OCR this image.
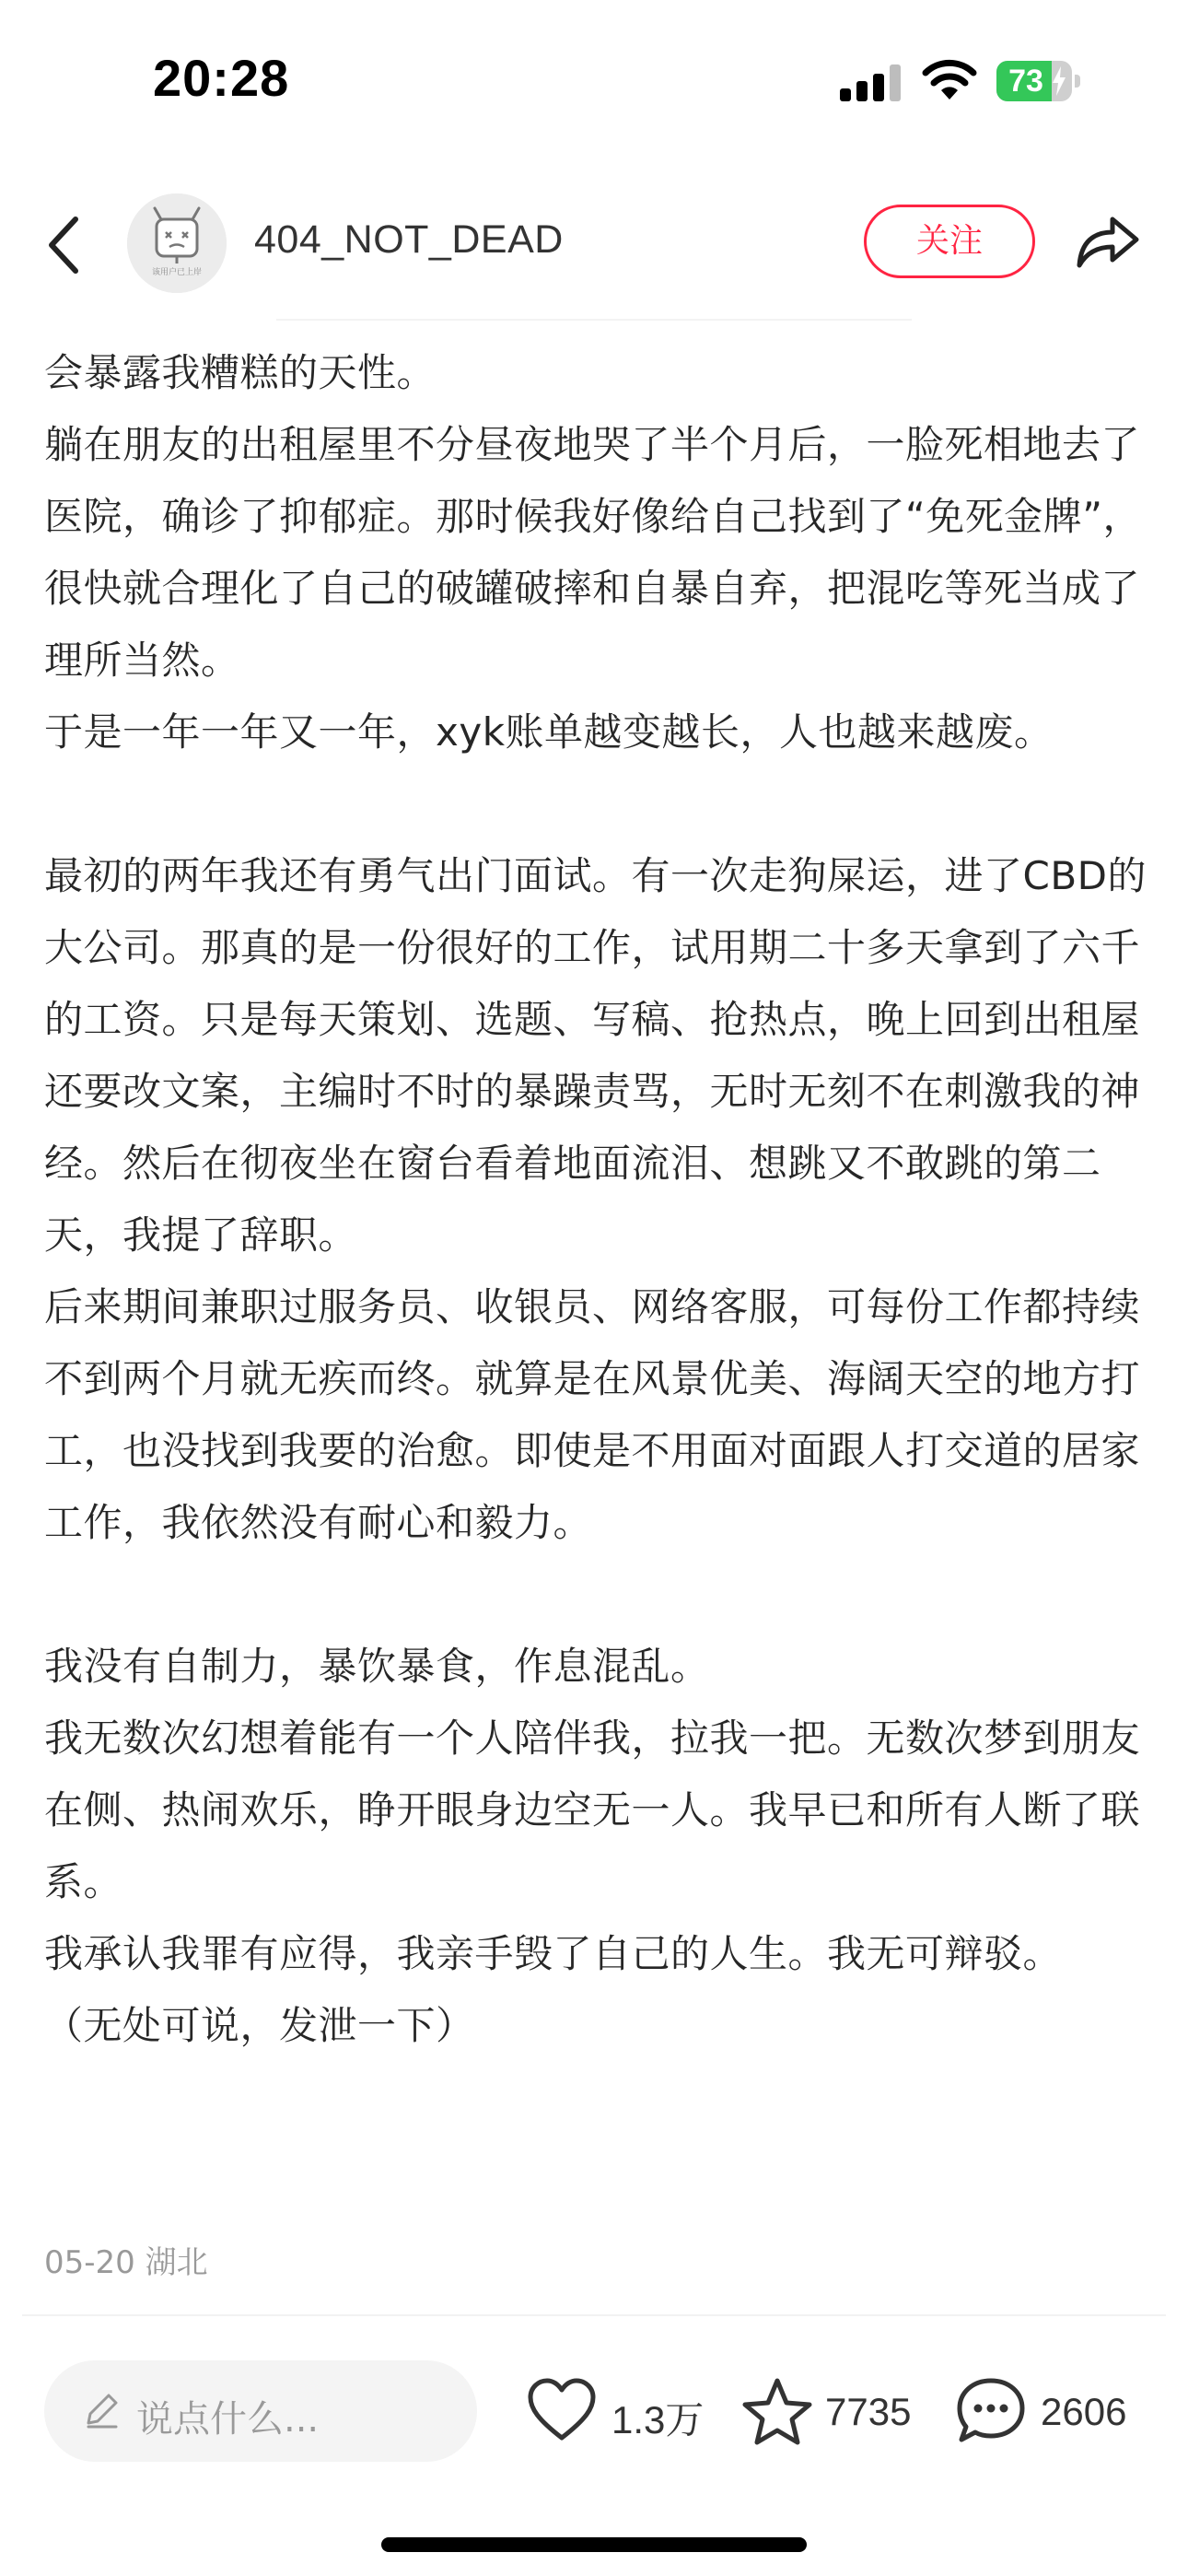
20:28	73
该用户已上岸
404_NOT_DEAD	关注

会暴露我糟糕的天性。

躺在朋友的出租屋里不分昼夜地哭了半个月后，一脸死相地去了医院，确诊了抑郁症。那时候我好像给自己找到了“免死金牌”，很快就合理化了自己的破罐破摔和自暴自弃，把混吃等死当成了理所当然。

于是一年一年又一年，xyk账单越变越长，人也越来越废。

最初的两年我还有勇气出门面试。有一次走狗屎运，进了CBD的大公司。那真的是一份很好的工作，试用期二十多天拿到了六千的工资。只是每天策划、选题、写稿、抢热点，晚上回到出租屋还要改文案，主编时不时的暴躁责骂，无时无刻不在刺激我的神经。然后在彻夜坐在窗台看着地面流泪、想跳又不敢跳的第二天，我提了辞职。

后来期间兼职过服务员、收银员、网络客服，可每份工作都持续不到两个月就无疾而终。就算是在风景优美、海阔天空的地方打工，也没找到我要的治愈。即使是不用面对面跟人打交道的居家工作，我依然没有耐心和毅力。

我没有自制力，暴饮暴食，作息混乱。

我无数次幻想着能有一个人陪伴我，拉我一把。无数次梦到朋友在侧、热闹欢乐，睁开眼身边空无一人。我早已和所有人断了联系。

我承认我罪有应得，我亲手毁了自己的人生。我无可辩驳。

（无处可说，发泄一下）

05-20 湖北
说点什么...	1.3万	7735	2606
